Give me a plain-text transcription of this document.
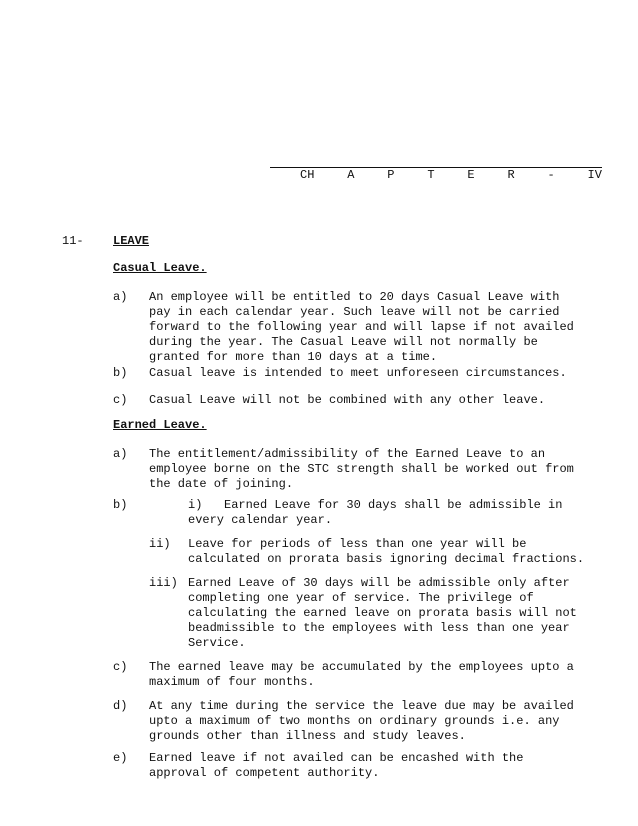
CH	A	P	T	E	R	-	IV
11- LEAVE
Casual Leave.
a) An employee will be entitled to 20 days Casual Leave with
pay in each calendar year. Such leave will not be carried
forward to the following year and will lapse if not availed
during the year. The Casual Leave will not normally be
granted for more than 10 days at a time.
b) Casual leave is intended to meet unforeseen circumstances.
c) Casual Leave will not be combined with any other leave.
Earned Leave.
a) The entitlement/admissibility of the Earned Leave to an
employee borne on the STC strength shall be worked out from
the date of joining.
b)	i) Earned Leave for 30 days shall be admissible in
every calendar year.
ii) Leave for periods of less than one year will be
calculated on prorata basis ignoring decimal fractions.
iii) Earned Leave of 30 days will be admissible only after
completing one year of service. The privilege of
calculating the earned leave on prorata basis will not
beadmissible to the employees with less than one year
Service.
c) The earned leave may be accumulated by the employees upto a
maximum of four months.
d) At any time during the service the leave due may be availed
upto a maximum of two months on ordinary grounds i.e. any
grounds other than illness and study leaves.
e) Earned leave if not availed can be encashed with the
approval of competent authority.
